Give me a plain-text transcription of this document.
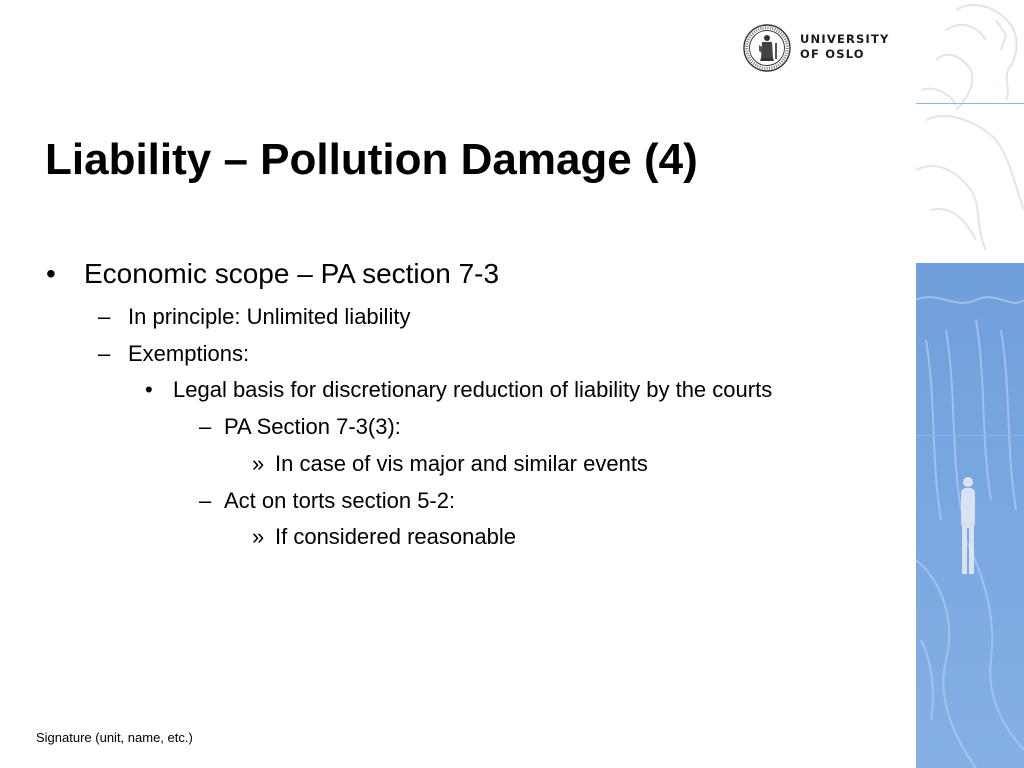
UNIVERSITY
OF OSLO
Liability – Pollution Damage (4)
• Economic scope – PA section 7-3
– In principle: Unlimited liability
– Exemptions:
• Legal basis for discretionary reduction of liability by the courts
– PA Section 7-3(3):
» In case of vis major and similar events
– Act on torts section 5-2:
» If considered reasonable
Signature (unit, name, etc.)
